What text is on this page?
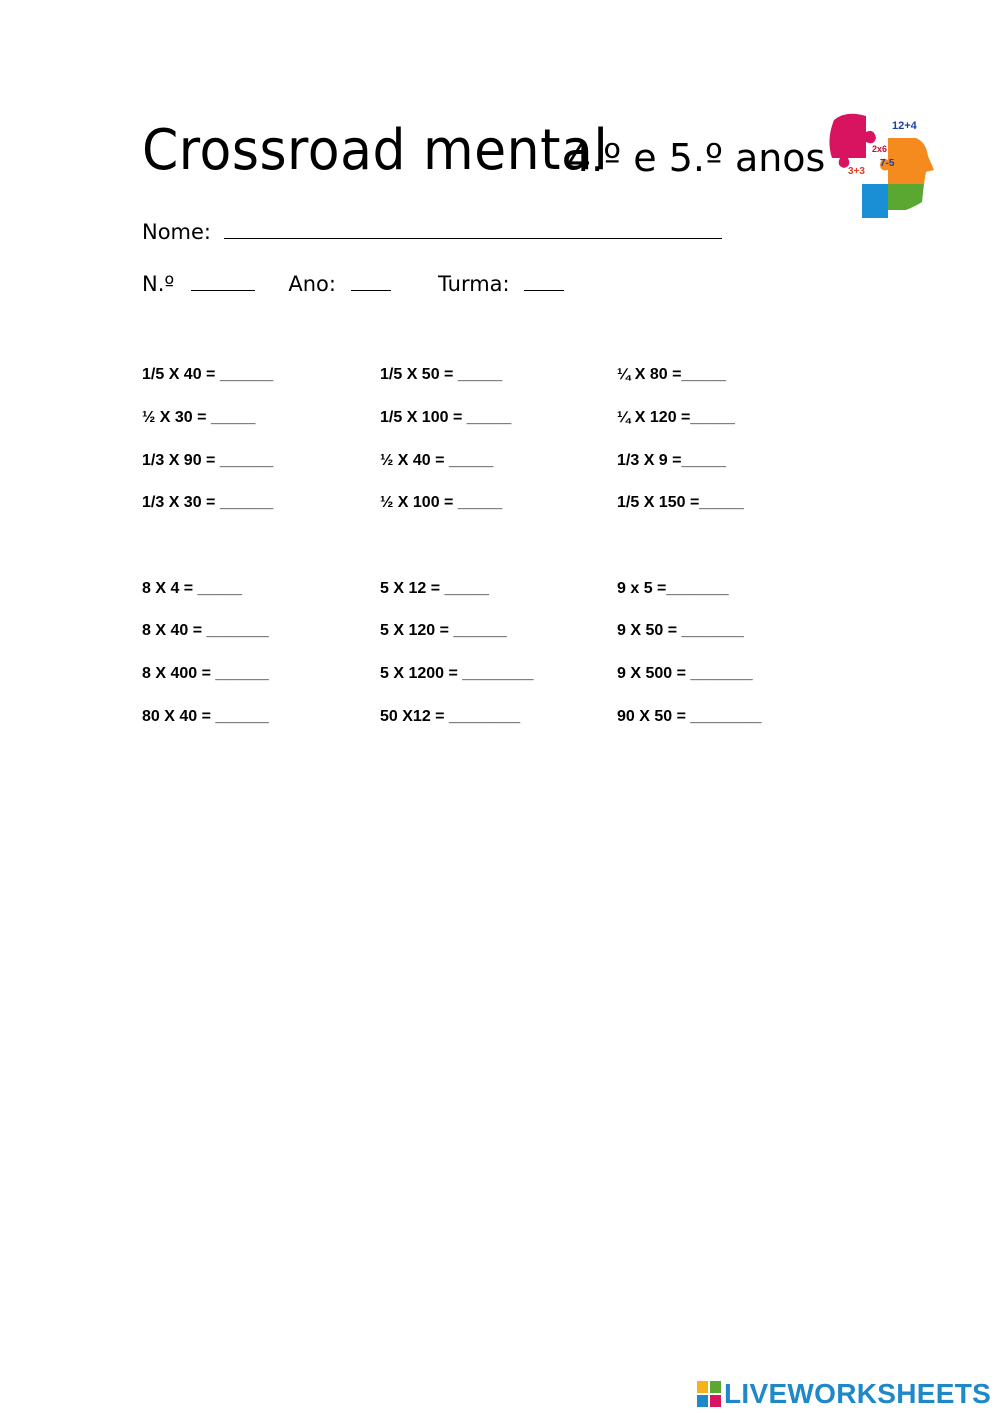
Crossroad mental
4.º e 5.º anos
12+4
2x6
3+3
7-5
Nome:
N.º	Ano:	Turma:
1/5 X 40 = ______	1/5 X 50 = _____	¼ X 80 =_____
½ X 30 = _____	1/5 X 100 = _____	¼ X 120 =_____
1/3 X 90 = ______	½ X 40 = _____	1/3 X 9 =_____
1/3 X 30 = ______	½ X 100 = _____	1/5 X 150 =_____
8 X 4 = _____	5 X 12 = _____	9 x 5 =_______
8 X 40 = _______	5 X 120 = ______	9 X 50 = _______
8 X 400 = ______	5 X 1200 = ________	9 X 500 = _______
80 X 40 = ______	50 X12 = ________	90 X 50 = ________
LIVEWORKSHEETS
